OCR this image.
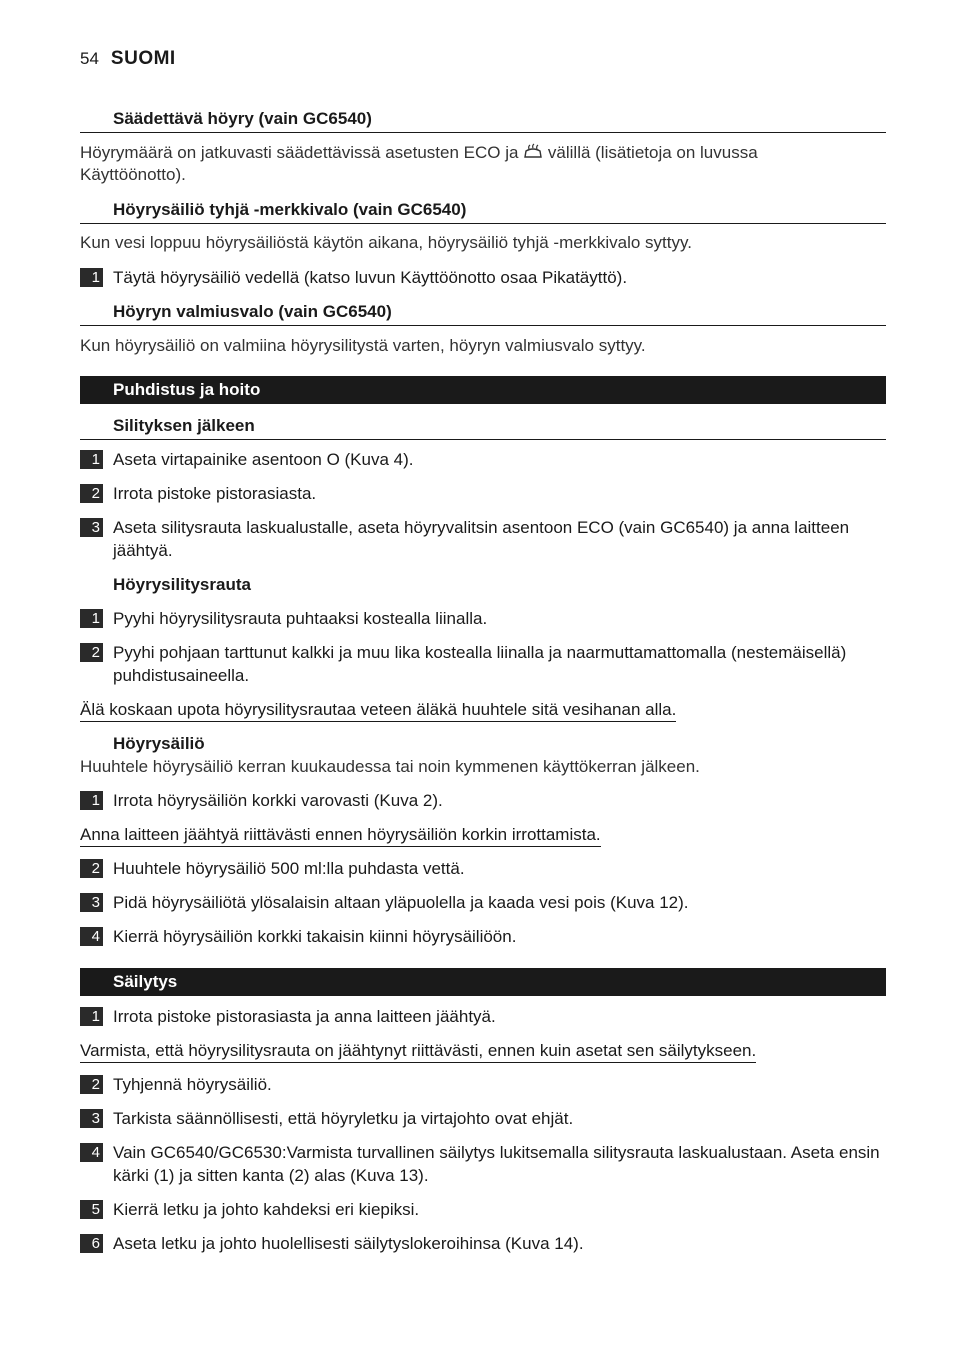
54 SUOMI
Säädettävä höyry (vain GC6540)
Höyrymäärä on jatkuvasti säädettävissä asetusten ECO ja välillä (lisätietoja on luvussa
Käyttöönotto).
Höyrysäiliö tyhjä -merkkivalo (vain GC6540)
Kun vesi loppuu höyrysäiliöstä käytön aikana, höyrysäiliö tyhjä -merkkivalo syttyy.
1 Täytä höyrysäiliö vedellä (katso luvun Käyttöönotto osaa Pikatäyttö).
Höyryn valmiusvalo (vain GC6540)
Kun höyrysäiliö on valmiina höyrysilitystä varten, höyryn valmiusvalo syttyy.
Puhdistus ja hoito
Silityksen jälkeen
1 Aseta virtapainike asentoon O (Kuva 4).
2 Irrota pistoke pistorasiasta.
3 Aseta silitysrauta laskualustalle, aseta höyryvalitsin asentoon ECO (vain GC6540) ja anna laitteen jäähtyä.
Höyrysilitysrauta
1 Pyyhi höyrysilitysrauta puhtaaksi kostealla liinalla.
2 Pyyhi pohjaan tarttunut kalkki ja muu lika kostealla liinalla ja naarmuttamattomalla (nestemäisellä) puhdistusaineella.
Älä koskaan upota höyrysilitysrautaa veteen äläkä huuhtele sitä vesihanan alla.
Höyrysäiliö
Huuhtele höyrysäiliö kerran kuukaudessa tai noin kymmenen käyttökerran jälkeen.
1 Irrota höyrysäiliön korkki varovasti (Kuva 2).
Anna laitteen jäähtyä riittävästi ennen höyrysäiliön korkin irrottamista.
2 Huuhtele höyrysäiliö 500 ml:lla puhdasta vettä.
3 Pidä höyrysäiliötä ylösalaisin altaan yläpuolella ja kaada vesi pois (Kuva 12).
4 Kierrä höyrysäiliön korkki takaisin kiinni höyrysäiliöön.
Säilytys
1 Irrota pistoke pistorasiasta ja anna laitteen jäähtyä.
Varmista, että höyrysilitysrauta on jäähtynyt riittävästi, ennen kuin asetat sen säilytykseen.
2 Tyhjennä höyrysäiliö.
3 Tarkista säännöllisesti, että höyryletku ja virtajohto ovat ehjät.
4 Vain GC6540/GC6530:Varmista turvallinen säilytys lukitsemalla silitysrauta laskualustaan. Aseta ensin kärki (1) ja sitten kanta (2) alas (Kuva 13).
5 Kierrä letku ja johto kahdeksi eri kiepiksi.
6 Aseta letku ja johto huolellisesti säilytyslokeroihinsa (Kuva 14).
